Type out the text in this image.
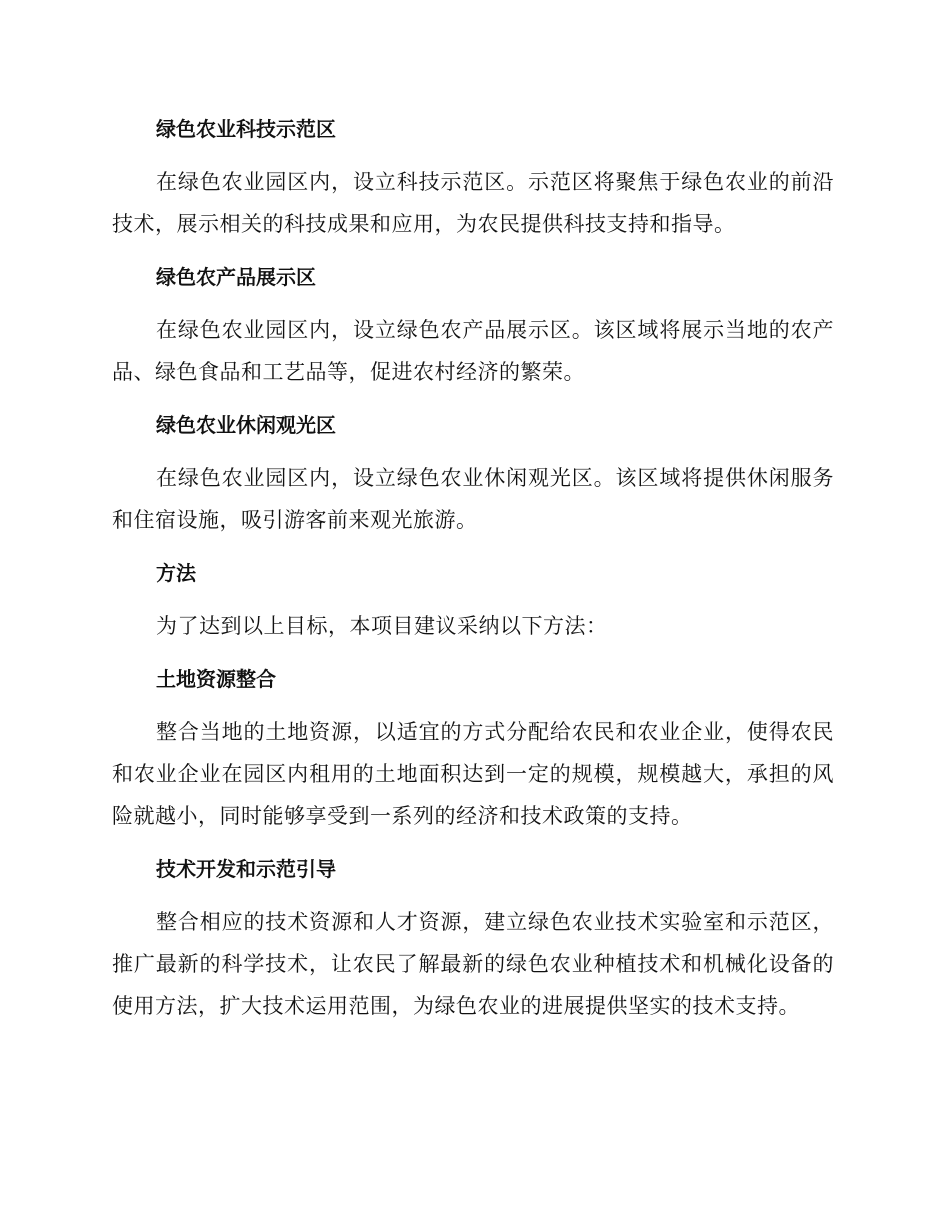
绿色农业科技示范区
在绿色农业园区内，设立科技示范区。示范区将聚焦于绿色农业的前沿技术，展示相关的科技成果和应用，为农民提供科技支持和指导。
绿色农产品展示区
在绿色农业园区内，设立绿色农产品展示区。该区域将展示当地的农产品、绿色食品和工艺品等，促进农村经济的繁荣。
绿色农业休闲观光区
在绿色农业园区内，设立绿色农业休闲观光区。该区域将提供休闲服务和住宿设施，吸引游客前来观光旅游。
方法
为了达到以上目标，本项目建议采纳以下方法：
土地资源整合
整合当地的土地资源，以适宜的方式分配给农民和农业企业，使得农民和农业企业在园区内租用的土地面积达到一定的规模，规模越大，承担的风险就越小，同时能够享受到一系列的经济和技术政策的支持。
技术开发和示范引导
整合相应的技术资源和人才资源，建立绿色农业技术实验室和示范区，推广最新的科学技术，让农民了解最新的绿色农业种植技术和机械化设备的使用方法，扩大技术运用范围，为绿色农业的进展提供坚实的技术支持。
